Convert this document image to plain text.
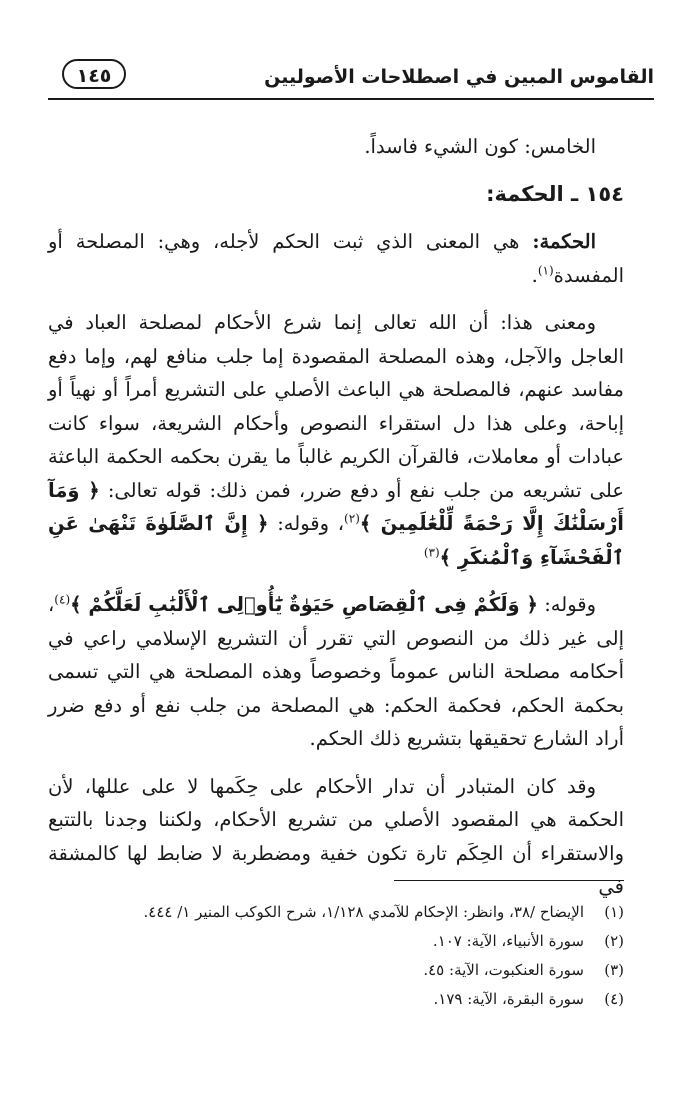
القاموس المبين في اصطلاحات الأصوليين
١٤٥

الخامس: كون الشيء فاسداً.

١٥٤ ـ الحكمة:

الحكمة: هي المعنى الذي ثبت الحكم لأجله، وهي: المصلحة أو المفسدة$^{(١)}$.

ومعنى هذا: أن الله تعالى إنما شرع الأحكام لمصلحة العباد في العاجل والآجل، وهذه المصلحة المقصودة إما جلب منافع لهم، وإما دفع مفاسد عنهم، فالمصلحة هي الباعث الأصلي على التشريع أمراً أو نهياً أو إباحة، وعلى هذا دل استقراء النصوص وأحكام الشريعة، سواء كانت عبادات أو معاملات، فالقرآن الكريم غالباً ما يقرن بحكمه الحكمة الباعثة على تشريعه من جلب نفع أو دفع ضرر، فمن ذلك: قوله تعالى: ﴿ وَمَآ أَرْسَلْنَٰكَ إِلَّا رَحْمَةً لِّلْعَٰلَمِينَ ﴾$^{(٢)}$، وقوله: ﴿ إِنَّ ٱلصَّلَوٰةَ تَنْهَىٰ عَنِ ٱلْفَحْشَآءِ وَٱلْمُنكَرِ ﴾$^{(٣)}$

وقوله: ﴿ وَلَكُمْ فِى ٱلْقِصَاصِ حَيَوٰةٌ يَٰٓأُو۟لِى ٱلْأَلْبَٰبِ لَعَلَّكُمْ ﴾$^{(٤)}$، إلى غير ذلك من النصوص التي تقرر أن التشريع الإسلامي راعي في أحكامه مصلحة الناس عموماً وخصوصاً وهذه المصلحة هي التي تسمى بحكمة الحكم، فحكمة الحكم: هي المصلحة من جلب نفع أو دفع ضرر أراد الشارع تحقيقها بتشريع ذلك الحكم.

وقد كان المتبادر أن تدار الأحكام على حِكَمها لا على عللها، لأن الحكمة هي المقصود الأصلي من تشريع الأحكام، ولكننا وجدنا بالتتبع والاستقراء أن الحِكَم تارة تكون خفية ومضطربة لا ضابط لها كالمشقة في

(١)الإيضاح /٣٨، وانظر: الإحكام للآمدي ١/١٢٨، شرح الكوكب المنير ١/ ٤٤٤.
(٢)سورة الأنبياء، الآية: ١٠٧.
(٣)سورة العنكبوت، الآية: ٤٥.
(٤)سورة البقرة، الآية: ١٧٩.
